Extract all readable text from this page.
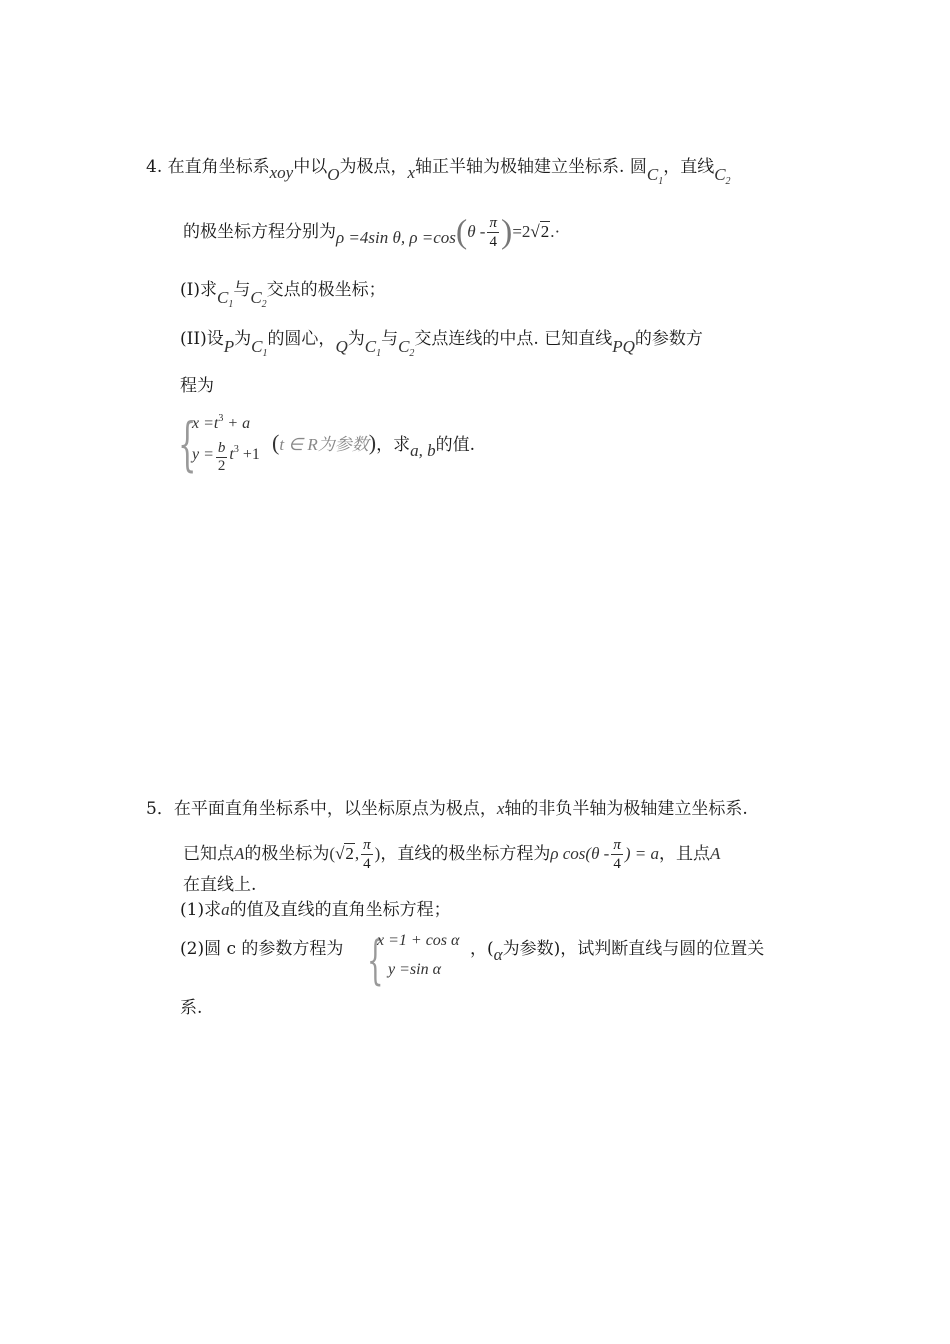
4. 在直角坐标系xoy中以O为极点，x轴正半轴为极轴建立坐标系. 圆$C_1$，直线$C_2$
的极坐标方程分别为ρ =4sin θ, $\rho =\cos(\theta - \frac{\pi}{4} )=2√2.\cdot$
(I)求$C_1$与$C_2$交点的极坐标；
(II)设P为$C_1$的圆心，Q为$C_1$与$C_2$交点连线的中点. 已知直线PQ的参数方
程为
{
$x =t^3 + a$
$y = \frac{b}{2} t^3 +1$ (t ∈ R为参数)，求a, b的值.
5．在平面直角坐标系中，以坐标原点为极点，x轴的非负半轴为极轴建立坐标系.
已知点A的极坐标为(√2, $\frac{\pi}{4}$ )，直线的极坐标方程为ρ $\cos(\theta - \frac{\pi}{4}$ ) = a，且点A
在直线上.
(1)求a的值及直线的直角坐标方程；
(2)圆 c 的参数方程为 {
x =1 + cos α
y =sin α
，(α为参数)，试判断直线与圆的位置关
系.
